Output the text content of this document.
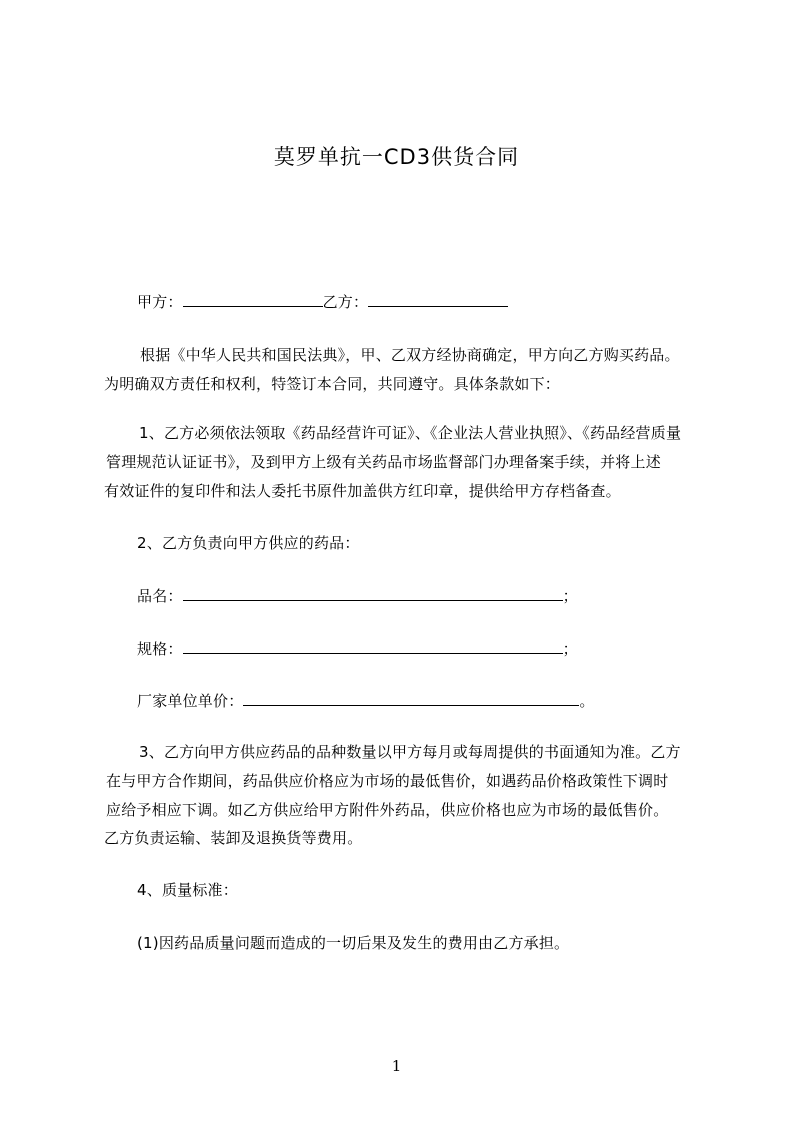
莫罗单抗一CD3供货合同
甲方：	乙方：
根据《中华人民共和国民法典》，甲、乙双方经协商确定，甲方向乙方购买药品。
为明确双方责任和权利，特签订本合同，共同遵守。具体条款如下：
1、乙方必须依法领取《药品经营许可证》、《企业法人营业执照》、《药品经营质量
管理规范认证证书》，及到甲方上级有关药品市场监督部门办理备案手续，并将上述
有效证件的复印件和法人委托书原件加盖供方红印章，提供给甲方存档备查。
2、乙方负责向甲方供应的药品：
品名：	；
规格：	；
厂家单位单价：	。
3、乙方向甲方供应药品的品种数量以甲方每月或每周提供的书面通知为准。乙方
在与甲方合作期间，药品供应价格应为市场的最低售价，如遇药品价格政策性下调时
应给予相应下调。如乙方供应给甲方附件外药品，供应价格也应为市场的最低售价。
乙方负责运输、装卸及退换货等费用。
4、质量标准：
(1)因药品质量问题而造成的一切后果及发生的费用由乙方承担。
1
